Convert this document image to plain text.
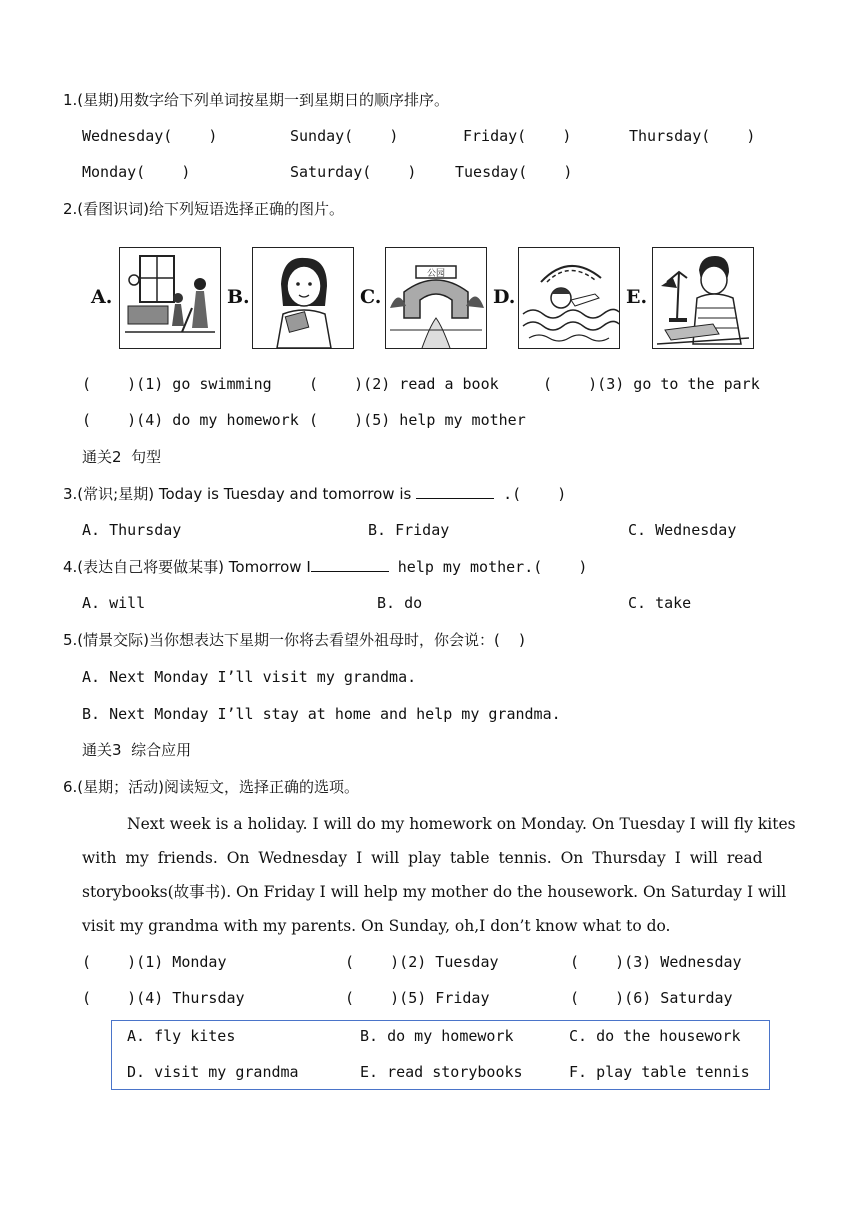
1.(星期)用数字给下列单词按星期一到星期日的顺序排序。
Wednesday(    )	Sunday(    )	Friday(    )	Thursday(    )
Monday(    )	Saturday(    )	Tuesday(    )
2.(看图识词)给下列短语选择正确的图片。
A.	B.	C.
公园
D.	E.
(    )(1) go swimming (    )(2) read a book	(    )(3) go to the park
(    )(4) do my homework (    )(5) help my mother
通关2  句型
3.(常识;星期) Today is Tuesday and tomorrow is	.(    )
A. Thursday	B. Friday	C. Wednesday
4.(表达自己将要做某事) Tomorrow I	help my mother.(    )
A. will	B. do	C. take
5.(情景交际)当你想表达下星期一你将去看望外祖母时，你会说：(    )
A. Next Monday I’ll visit my grandma.
B. Next Monday I’ll stay at home and help my grandma.
通关3  综合应用
6.(星期；活动)阅读短文，选择正确的选项。
Next week is a holiday. I will do my homework on Monday. On Tuesday I will fly kites
with my friends. On Wednesday I will play table tennis. On Thursday I will read
storybooks(故事书). On Friday I will help my mother do the housework. On Saturday I will
visit my grandma with my parents. On Sunday, oh,I don’t know what to do.
(    )(1) Monday	(    )(2) Tuesday	(    )(3) Wednesday
(    )(4) Thursday	(    )(5) Friday	(    )(6) Saturday
A. fly kites	B. do my homework	C. do the housework
D. visit my grandma	E. read storybooks	F. play table tennis
